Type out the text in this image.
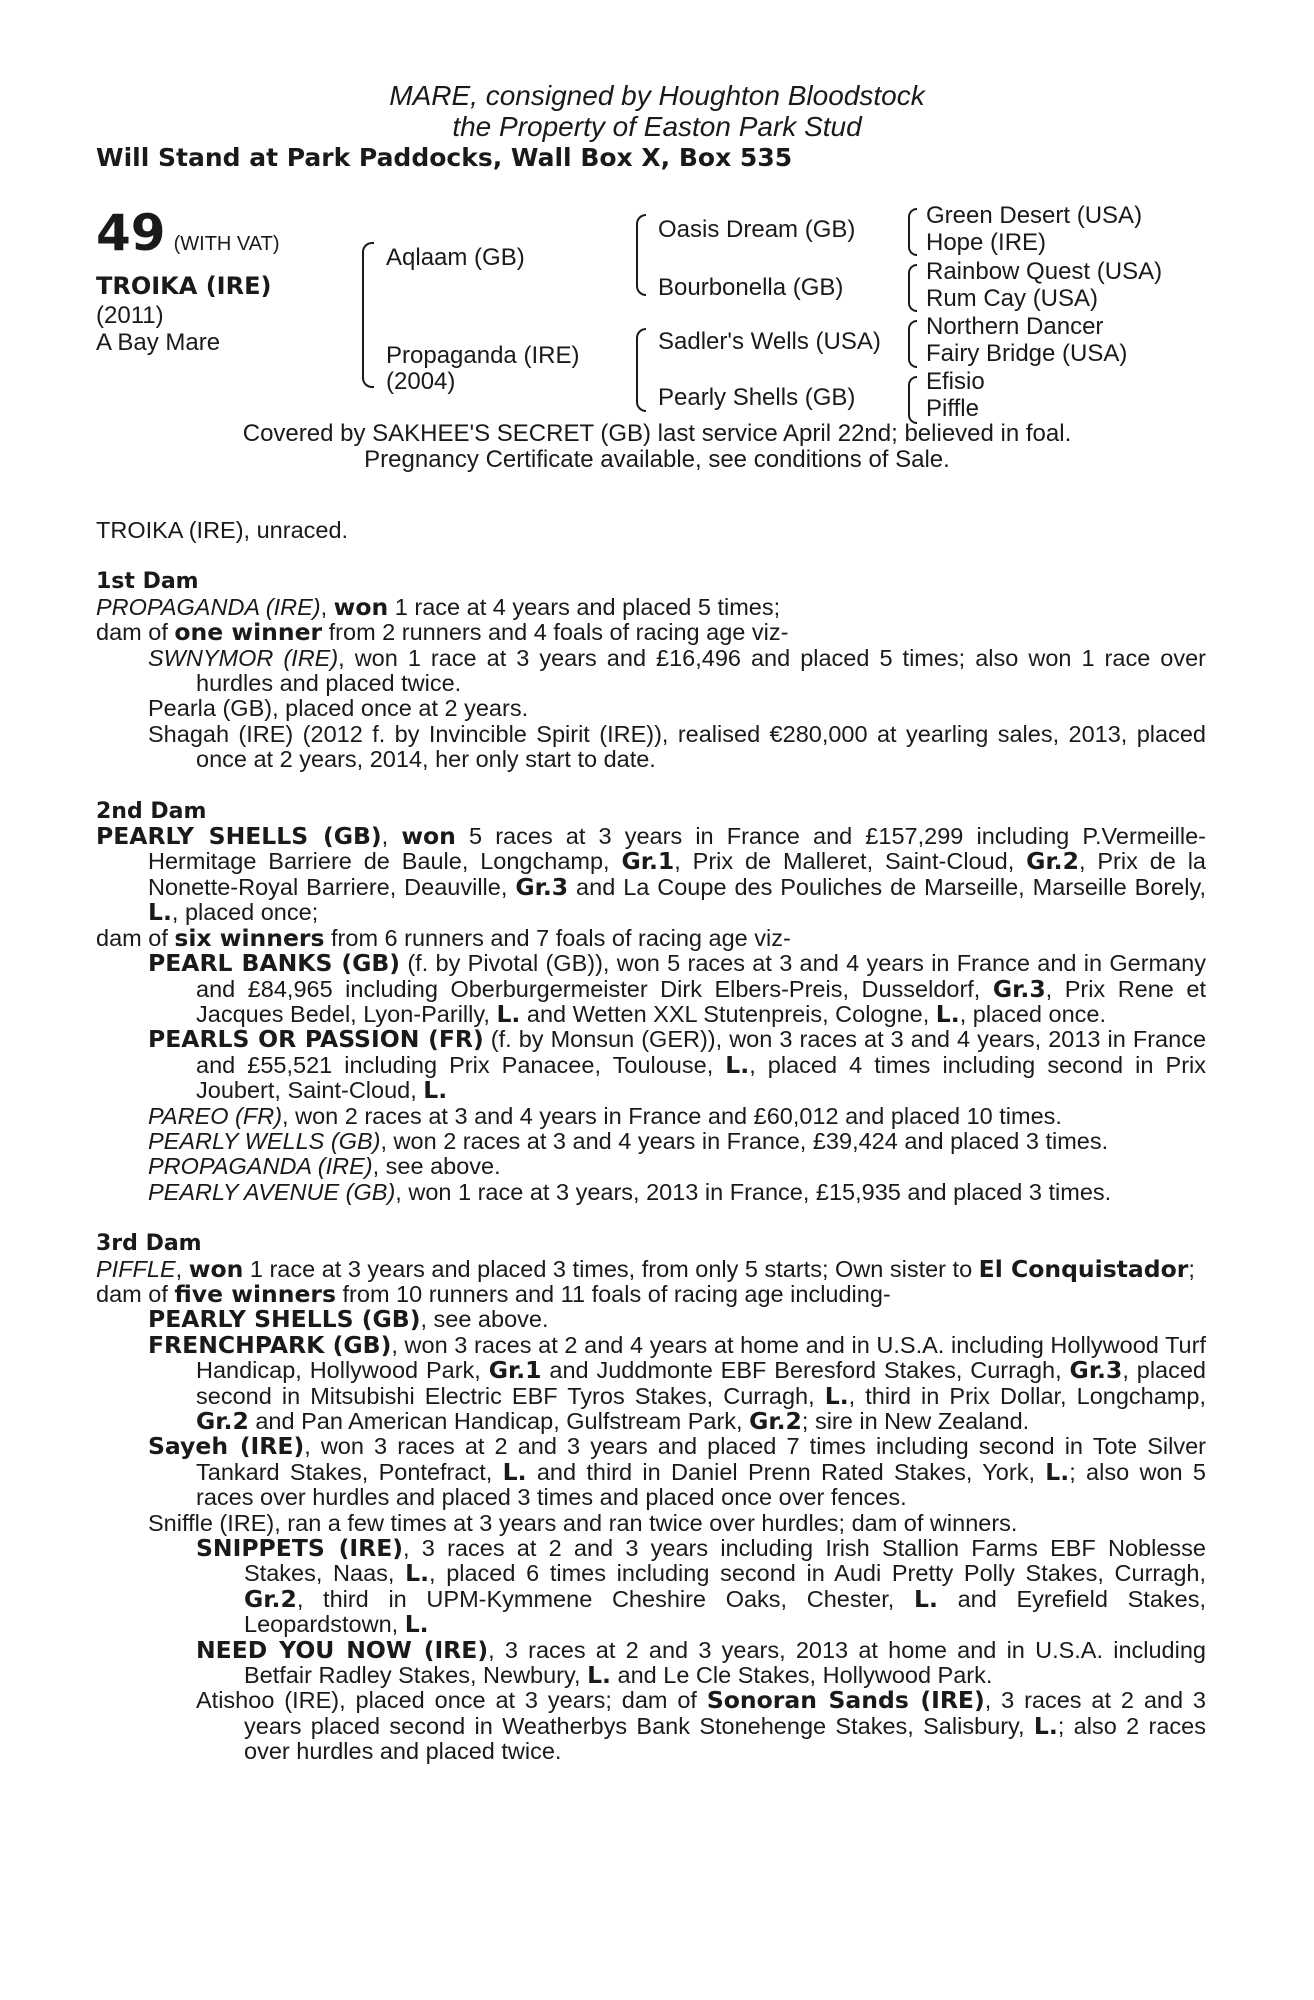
MARE, consigned by Houghton Bloodstock
the Property of Easton Park Stud
Will Stand at Park Paddocks, Wall Box X, Box 535
49 (WITH VAT)
TROIKA (IRE)
(2011)
A Bay Mare
Aqlaam (GB)
Propaganda (IRE)
(2004)
Oasis Dream (GB)
Bourbonella (GB)
Sadler's Wells (USA)
Pearly Shells (GB)
Green Desert (USA)
Hope (IRE)
Rainbow Quest (USA)
Rum Cay (USA)
Northern Dancer
Fairy Bridge (USA)
Efisio
Piffle
Covered by SAKHEE'S SECRET (GB) last service April 22nd; believed in foal.
Pregnancy Certificate available, see conditions of Sale.

TROIKA (IRE), unraced.

1st Dam

PROPAGANDA (IRE), won 1 race at 4 years and placed 5 times;

dam of one winner from 2 runners and 4 foals of racing age viz-

SWNYMOR (IRE), won 1 race at 3 years and £16,496 and placed 5 times; also won 1 race over hurdles and placed twice.

Pearla (GB), placed once at 2 years.

Shagah (IRE) (2012 f. by Invincible Spirit (IRE)), realised €280,000 at yearling sales, 2013, placed once at 2 years, 2014, her only start to date.

2nd Dam

PEARLY SHELLS (GB), won 5 races at 3 years in France and £157,299 including P.Vermeille-Hermitage Barriere de Baule, Longchamp, Gr.1, Prix de Malleret, Saint-Cloud, Gr.2, Prix de la Nonette-Royal Barriere, Deauville, Gr.3 and La Coupe des Pouliches de Marseille, Marseille Borely, L., placed once;

dam of six winners from 6 runners and 7 foals of racing age viz-

PEARL BANKS (GB) (f. by Pivotal (GB)), won 5 races at 3 and 4 years in France and in Germany and £84,965 including Oberburgermeister Dirk Elbers-Preis, Dusseldorf, Gr.3, Prix Rene et Jacques Bedel, Lyon-Parilly, L. and Wetten XXL Stutenpreis, Cologne, L., placed once.

PEARLS OR PASSION (FR) (f. by Monsun (GER)), won 3 races at 3 and 4 years, 2013 in France and £55,521 including Prix Panacee, Toulouse, L., placed 4 times including second in Prix Joubert, Saint-Cloud, L.

PAREO (FR), won 2 races at 3 and 4 years in France and £60,012 and placed 10 times.

PEARLY WELLS (GB), won 2 races at 3 and 4 years in France, £39,424 and placed 3 times.

PROPAGANDA (IRE), see above.

PEARLY AVENUE (GB), won 1 race at 3 years, 2013 in France, £15,935 and placed 3 times.

3rd Dam

PIFFLE, won 1 race at 3 years and placed 3 times, from only 5 starts; Own sister to El Conquistador;

dam of five winners from 10 runners and 11 foals of racing age including-

PEARLY SHELLS (GB), see above.

FRENCHPARK (GB), won 3 races at 2 and 4 years at home and in U.S.A. including Hollywood Turf Handicap, Hollywood Park, Gr.1 and Juddmonte EBF Beresford Stakes, Curragh, Gr.3, placed second in Mitsubishi Electric EBF Tyros Stakes, Curragh, L., third in Prix Dollar, Longchamp, Gr.2 and Pan American Handicap, Gulfstream Park, Gr.2; sire in New Zealand.

Sayeh (IRE), won 3 races at 2 and 3 years and placed 7 times including second in Tote Silver Tankard Stakes, Pontefract, L. and third in Daniel Prenn Rated Stakes, York, L.; also won 5 races over hurdles and placed 3 times and placed once over fences.

Sniffle (IRE), ran a few times at 3 years and ran twice over hurdles; dam of winners.

SNIPPETS (IRE), 3 races at 2 and 3 years including Irish Stallion Farms EBF Noblesse Stakes, Naas, L., placed 6 times including second in Audi Pretty Polly Stakes, Curragh, Gr.2, third in UPM-Kymmene Cheshire Oaks, Chester, L. and Eyrefield Stakes, Leopardstown, L.

NEED YOU NOW (IRE), 3 races at 2 and 3 years, 2013 at home and in U.S.A. including Betfair Radley Stakes, Newbury, L. and Le Cle Stakes, Hollywood Park.

Atishoo (IRE), placed once at 3 years; dam of Sonoran Sands (IRE), 3 races at 2 and 3 years placed second in Weatherbys Bank Stonehenge Stakes, Salisbury, L.; also 2 races over hurdles and placed twice.
